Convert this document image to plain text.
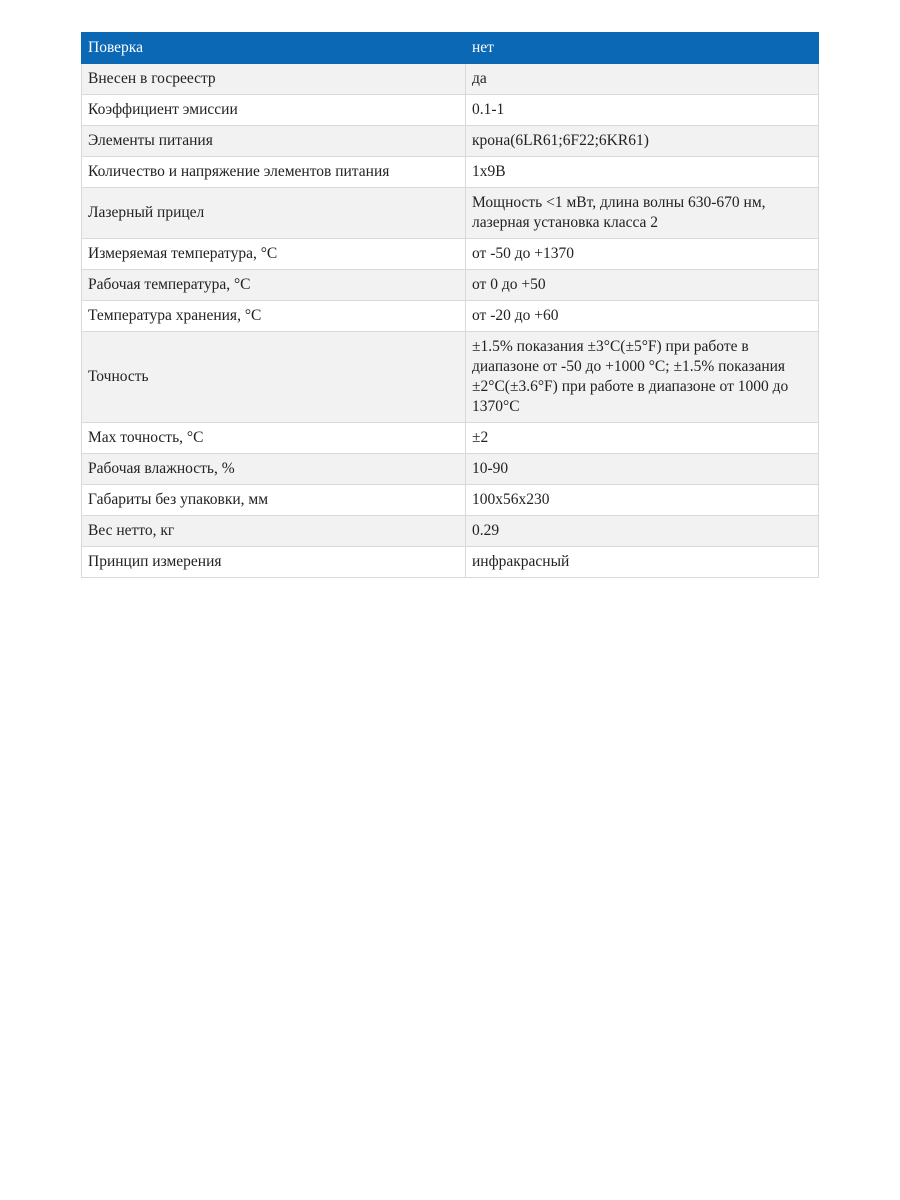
Поверка	нет
Внесен в госреестр	да
Коэффициент эмиссии	0.1-1
Элементы питания	крона(6LR61;6F22;6KR61)
Количество и напряжение элементов питания	1x9В
Лазерный прицел	Мощность <1 мВт, длина волны 630-670 нм, лазерная установка класса 2
Измеряемая температура, °С	от -50 до +1370
Рабочая температура, °С	от 0 до +50
Температура хранения, °С	от -20 до +60
Точность	±1.5% показания ±3°C(±5°F) при работе в диапазоне от -50 до +1000 °C; ±1.5% показания ±2°C(±3.6°F) при работе в диапазоне от 1000 до 1370°C
Мах точность, °С	±2
Рабочая влажность, %	10-90
Габариты без упаковки, мм	100x56x230
Вес нетто, кг	0.29
Принцип измерения	инфракрасный
